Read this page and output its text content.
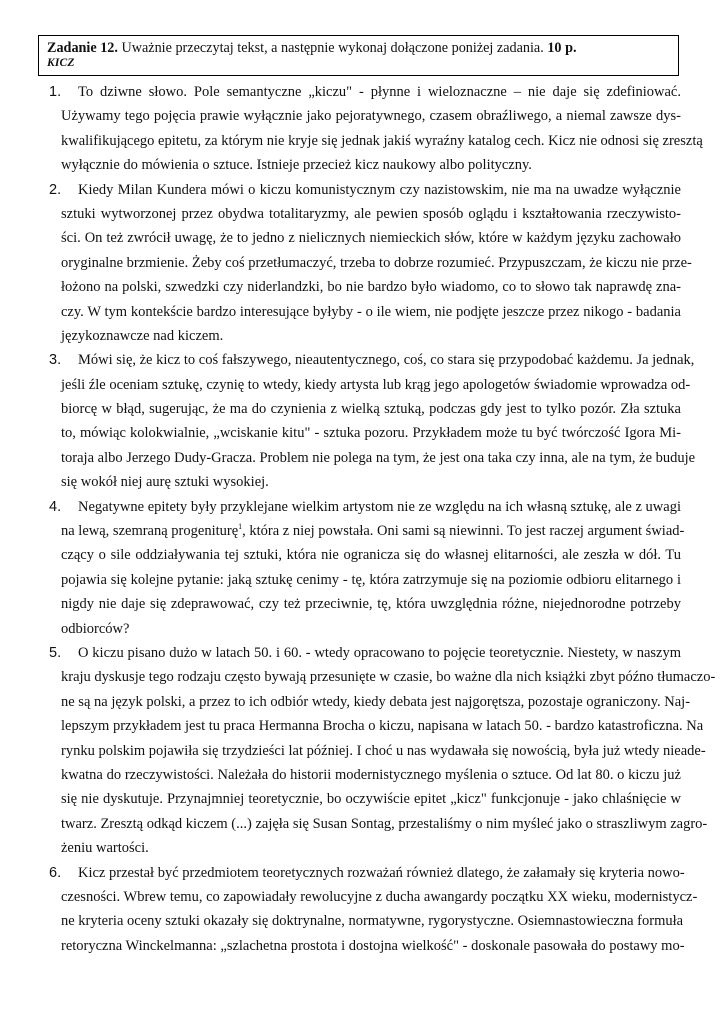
Zadanie 12. Uważnie przeczytaj tekst, a następnie wykonaj dołączone poniżej zadania. 10 p.
KICZ
1. To dziwne słowo. Pole semantyczne „kiczu" - płynne i wieloznaczne – nie daje się zdefiniować.
Używamy tego pojęcia prawie wyłącznie jako pejoratywnego, czasem obraźliwego, a niemal zawsze dys-
kwalifikującego epitetu, za którym nie kryje się jednak jakiś wyraźny katalog cech. Kicz nie odnosi się zresztą
wyłącznie do mówienia o sztuce. Istnieje przecież kicz naukowy albo polityczny.
2. Kiedy Milan Kundera mówi o kiczu komunistycznym czy nazistowskim, nie ma na uwadze wyłącznie
sztuki wytworzonej przez obydwa totalitaryzmy, ale pewien sposób oglądu i kształtowania rzeczywisto-
ści. On też zwrócił uwagę, że to jedno z nielicznych niemieckich słów, które w każdym języku zachowało
oryginalne brzmienie. Żeby coś przetłumaczyć, trzeba to dobrze rozumieć. Przypuszczam, że kiczu nie prze-
łożono na polski, szwedzki czy niderlandzki, bo nie bardzo było wiadomo, co to słowo tak naprawdę zna-
czy. W tym kontekście bardzo interesujące byłyby - o ile wiem, nie podjęte jeszcze przez nikogo - badania
językoznawcze nad kiczem.
3. Mówi się, że kicz to coś fałszywego, nieautentycznego, coś, co stara się przypodobać każdemu. Ja jednak,
jeśli źle oceniam sztukę, czynię to wtedy, kiedy artysta lub krąg jego apologetów świadomie wprowadza od-
biorcę w błąd, sugerując, że ma do czynienia z wielką sztuką, podczas gdy jest to tylko pozór. Zła sztuka
to, mówiąc kolokwialnie, „wciskanie kitu" - sztuka pozoru. Przykładem może tu być twórczość Igora Mi-
toraja albo Jerzego Dudy-Gracza. Problem nie polega na tym, że jest ona taka czy inna, ale na tym, że buduje
się wokół niej aurę sztuki wysokiej.
4. Negatywne epitety były przyklejane wielkim artystom nie ze względu na ich własną sztukę, ale z uwagi
na lewą, szemraną progeniturę$^1$, która z niej powstała. Oni sami są niewinni. To jest raczej argument świad-
czący o sile oddziaływania tej sztuki, która nie ogranicza się do własnej elitarności, ale zeszła w dół. Tu
pojawia się kolejne pytanie: jaką sztukę cenimy - tę, która zatrzymuje się na poziomie odbioru elitarnego i
nigdy nie daje się zdeprawować, czy też przeciwnie, tę, która uwzględnia różne, niejednorodne potrzeby
odbiorców?
5. O kiczu pisano dużo w latach 50. i 60. - wtedy opracowano to pojęcie teoretycznie. Niestety, w naszym
kraju dyskusje tego rodzaju często bywają przesunięte w czasie, bo ważne dla nich książki zbyt późno tłumaczo-
ne są na język polski, a przez to ich odbiór wtedy, kiedy debata jest najgorętsza, pozostaje ograniczony. Naj-
lepszym przykładem jest tu praca Hermanna Brocha o kiczu, napisana w latach 50. - bardzo katastroficzna. Na
rynku polskim pojawiła się trzydzieści lat później. I choć u nas wydawała się nowością, była już wtedy nieade-
kwatna do rzeczywistości. Należała do historii modernistycznego myślenia o sztuce. Od lat 80. o kiczu już
się nie dyskutuje. Przynajmniej teoretycznie, bo oczywiście epitet „kicz" funkcjonuje - jako chlaśnięcie w
twarz. Zresztą odkąd kiczem (...) zajęła się Susan Sontag, przestaliśmy o nim myśleć jako o straszliwym zagro-
żeniu wartości.
6. Kicz przestał być przedmiotem teoretycznych rozważań również dlatego, że załamały się kryteria nowo-
czesności. Wbrew temu, co zapowiadały rewolucyjne z ducha awangardy początku XX wieku, modernistycz-
ne kryteria oceny sztuki okazały się doktrynalne, normatywne, rygorystyczne. Osiemnastowieczna formuła
retoryczna Winckelmanna: „szlachetna prostota i dostojna wielkość" - doskonale pasowała do postawy mo-
